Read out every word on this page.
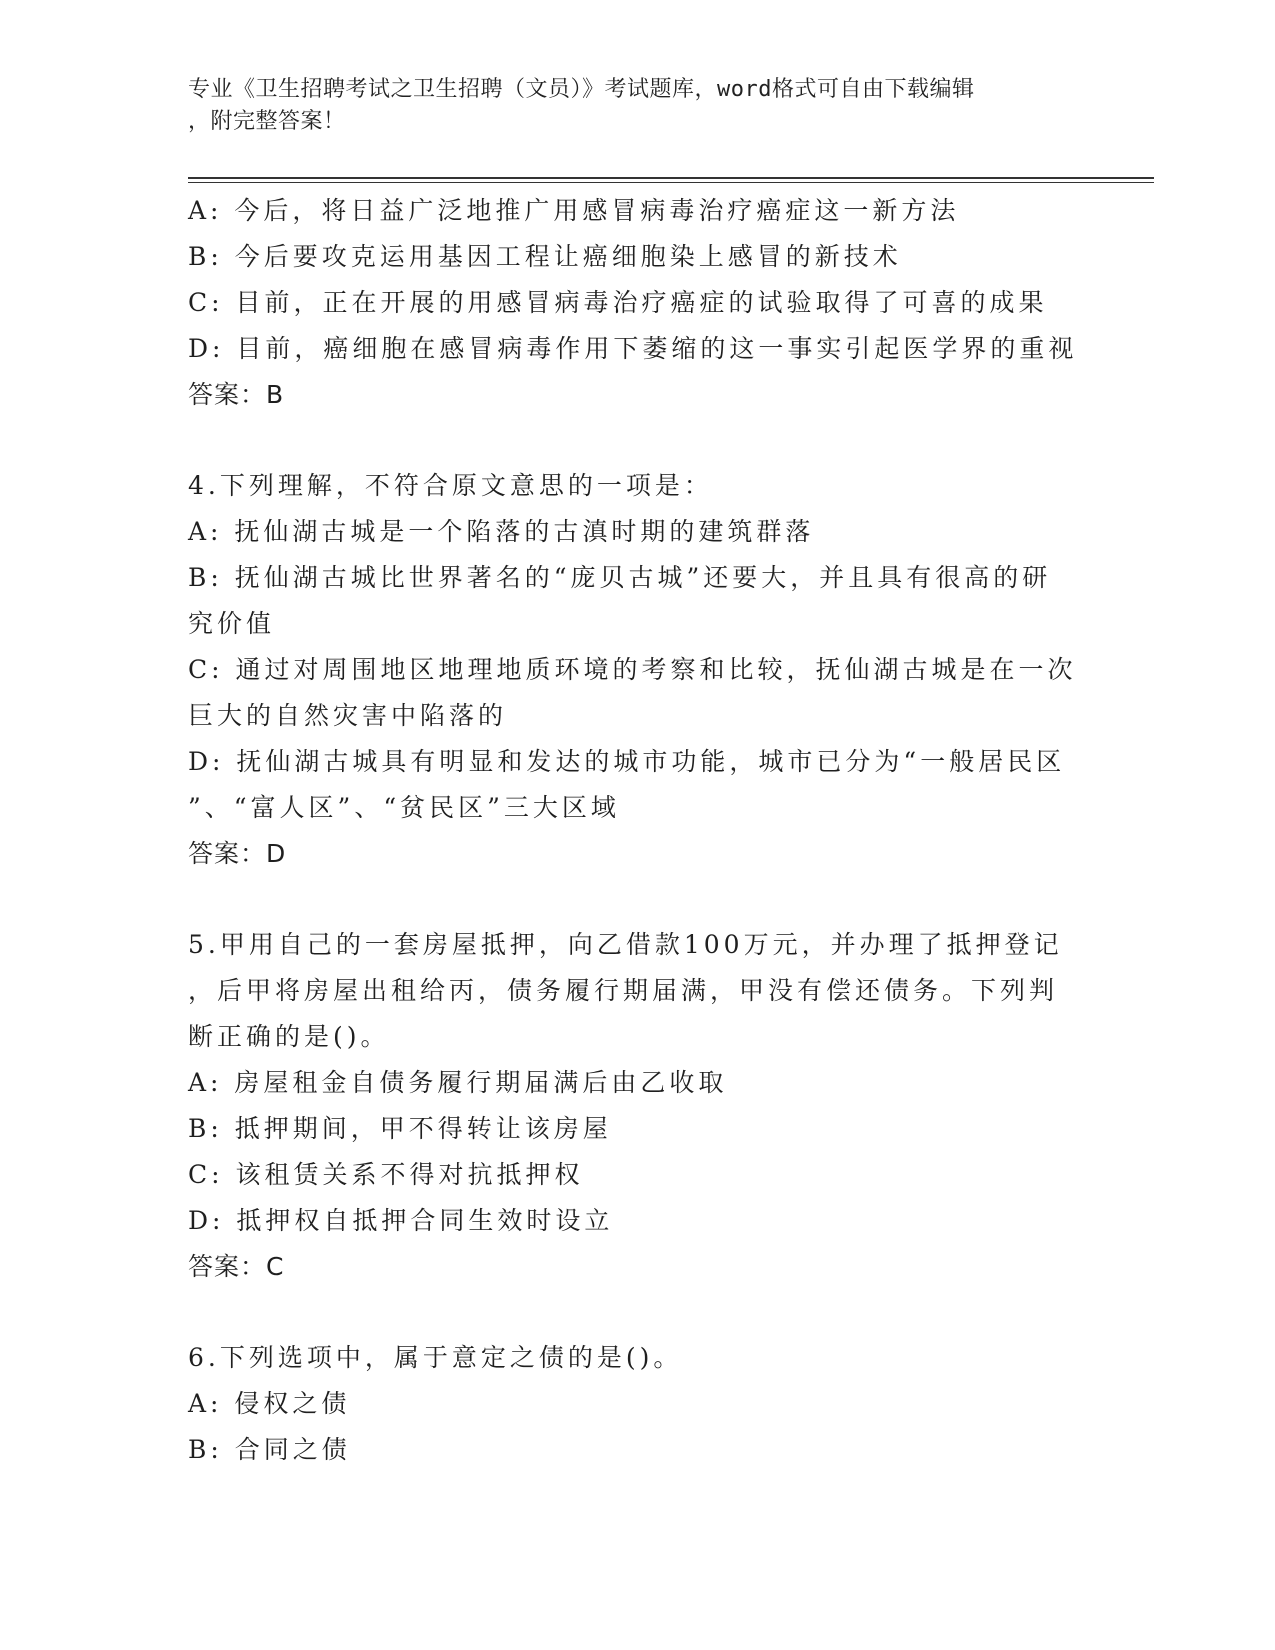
专业《卫生招聘考试之卫生招聘（文员）》考试题库，word格式可自由下载编辑
，附完整答案！
A: 今后，将日益广泛地推广用感冒病毒治疗癌症这一新方法
B: 今后要攻克运用基因工程让癌细胞染上感冒的新技术
C: 目前，正在开展的用感冒病毒治疗癌症的试验取得了可喜的成果
D: 目前，癌细胞在感冒病毒作用下萎缩的这一事实引起医学界的重视
答案：B
4.下列理解，不符合原文意思的一项是：
A: 抚仙湖古城是一个陷落的古滇时期的建筑群落
B: 抚仙湖古城比世界著名的“庞贝古城”还要大，并且具有很高的研
究价值
C: 通过对周围地区地理地质环境的考察和比较，抚仙湖古城是在一次
巨大的自然灾害中陷落的
D: 抚仙湖古城具有明显和发达的城市功能，城市已分为“一般居民区
”、“富人区”、“贫民区”三大区域
答案：D
5.甲用自己的一套房屋抵押，向乙借款100万元，并办理了抵押登记
，后甲将房屋出租给丙，债务履行期届满，甲没有偿还债务。下列判
断正确的是()。
A: 房屋租金自债务履行期届满后由乙收取
B: 抵押期间，甲不得转让该房屋
C: 该租赁关系不得对抗抵押权
D: 抵押权自抵押合同生效时设立
答案：C
6.下列选项中，属于意定之债的是()。
A: 侵权之债
B: 合同之债
